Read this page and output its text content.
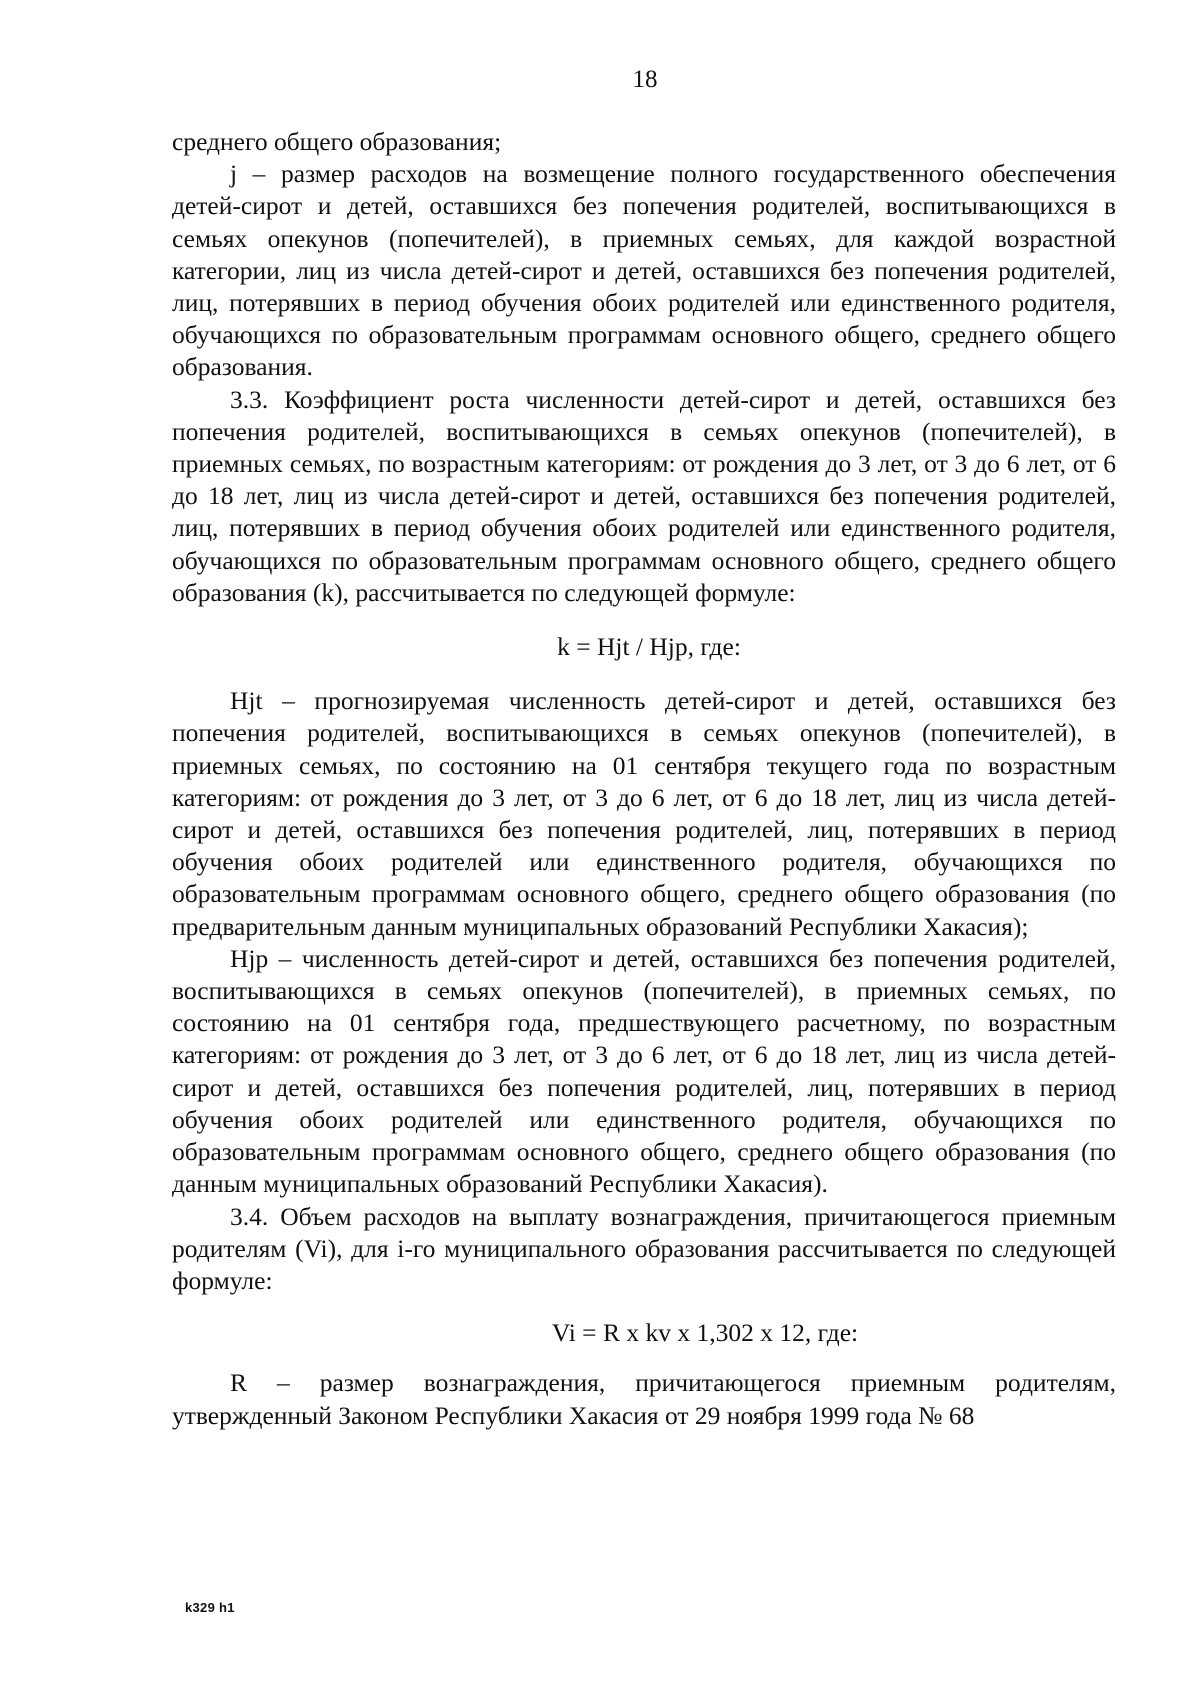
18

среднего общего образования;

j – размер расходов на возмещение полного государственного обеспечения детей-сирот и детей, оставшихся без попечения родителей, воспитывающихся в семьях опекунов (попечителей), в приемных семьях, для каждой возрастной категории, лиц из числа детей-сирот и детей, оставшихся без попечения родителей, лиц, потерявших в период обучения обоих родителей или единственного родителя, обучающихся по образовательным программам основного общего, среднего общего образования.

3.3. Коэффициент роста численности детей-сирот и детей, оставшихся без попечения родителей, воспитывающихся в семьях опекунов (попечителей), в приемных семьях, по возрастным категориям: от рождения до 3 лет, от 3 до 6 лет, от 6 до 18 лет, лиц из числа детей-сирот и детей, оставшихся без попечения родителей, лиц, потерявших в период обучения обоих родителей или единственного родителя, обучающихся по образовательным программам основного общего, среднего общего образования (k), рассчитывается по следующей формуле:

k = Hjt / Hjp, где:

Hjt – прогнозируемая численность детей-сирот и детей, оставшихся без попечения родителей, воспитывающихся в семьях опекунов (попечителей), в приемных семьях, по состоянию на 01 сентября текущего года по возрастным категориям: от рождения до 3 лет, от 3 до 6 лет, от 6 до 18 лет, лиц из числа детей-сирот и детей, оставшихся без попечения родителей, лиц, потерявших в период обучения обоих родителей или единственного родителя, обучающихся по образовательным программам основного общего, среднего общего образования (по предварительным данным муниципальных образований Республики Хакасия);

Hjp – численность детей-сирот и детей, оставшихся без попечения родителей, воспитывающихся в семьях опекунов (попечителей), в приемных семьях, по состоянию на 01 сентября года, предшествующего расчетному, по возрастным категориям: от рождения до 3 лет, от 3 до 6 лет, от 6 до 18 лет, лиц из числа детей-сирот и детей, оставшихся без попечения родителей, лиц, потерявших в период обучения обоих родителей или единственного родителя, обучающихся по образовательным программам основного общего, среднего общего образования (по данным муниципальных образований Республики Хакасия).

3.4. Объем расходов на выплату вознаграждения, причитающегося приемным родителям (Vi), для i-го муниципального образования рассчитывается по следующей формуле:

Vi = R x kv x 1,302 x 12, где:

R – размер вознаграждения, причитающегося приемным родителям, утвержденный Законом Республики Хакасия от 29 ноября 1999 года № 68

k329 h1
